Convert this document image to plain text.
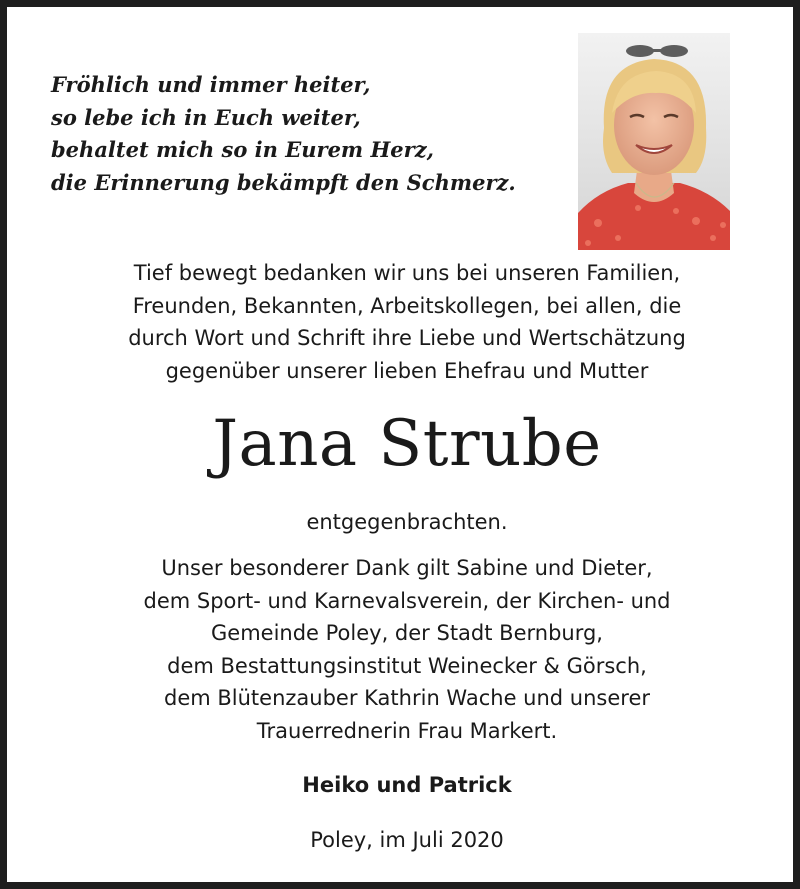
Fröhlich und immer heiter,
so lebe ich in Euch weiter,
behaltet mich so in Eurem Herz,
die Erinnerung bekämpft den Schmerz.
Tief bewegt bedanken wir uns bei unseren Familien,
Freunden, Bekannten, Arbeitskollegen, bei allen, die
durch Wort und Schrift ihre Liebe und Wertschätzung
gegenüber unserer lieben Ehefrau und Mutter
Jana Strube
entgegenbrachten.
Unser besonderer Dank gilt Sabine und Dieter,
dem Sport- und Karnevalsverein, der Kirchen- und
Gemeinde Poley, der Stadt Bernburg,
dem Bestattungsinstitut Weinecker & Görsch,
dem Blütenzauber Kathrin Wache und unserer
Trauerrednerin Frau Markert.
Heiko und Patrick
Poley, im Juli 2020
